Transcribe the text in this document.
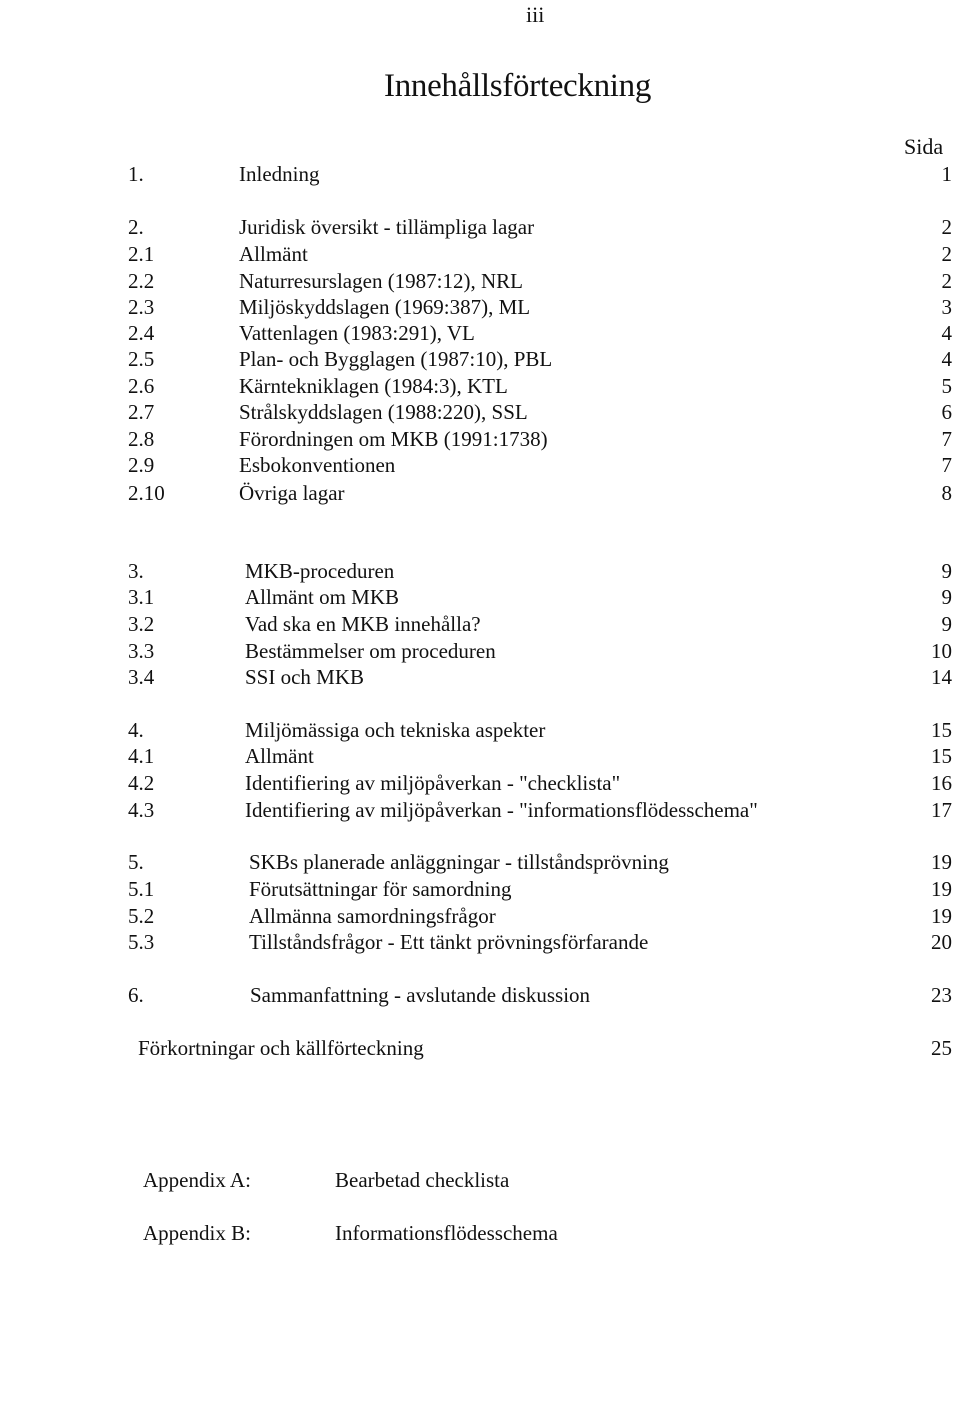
iii
Innehållsförteckning
Sida
1.	Inledning	1
2.	Juridisk översikt - tillämpliga lagar	2
2.1	Allmänt	2
2.2	Naturresurslagen (1987:12), NRL	2
2.3	Miljöskyddslagen (1969:387), ML	3
2.4	Vattenlagen (1983:291), VL	4
2.5	Plan- och Bygglagen (1987:10), PBL	4
2.6	Kärntekniklagen (1984:3), KTL	5
2.7	Strålskyddslagen (1988:220), SSL	6
2.8	Förordningen om MKB (1991:1738)	7
2.9	Esbokonventionen	7
2.10	Övriga lagar	8
3.	MKB-proceduren	9
3.1	Allmänt om MKB	9
3.2	Vad ska en MKB innehålla?	9
3.3	Bestämmelser om proceduren	10
3.4	SSI och MKB	14
4.	Miljömässiga och tekniska aspekter	15
4.1	Allmänt	15
4.2	Identifiering av miljöpåverkan - "checklista"	16
4.3	Identifiering av miljöpåverkan - "informationsflödesschema"	17
5.	SKBs planerade anläggningar - tillståndsprövning	19
5.1	Förutsättningar för samordning	19
5.2	Allmänna samordningsfrågor	19
5.3	Tillståndsfrågor - Ett tänkt prövningsförfarande	20
6.	Sammanfattning - avslutande diskussion	23
Förkortningar och källförteckning	25
Appendix A:	Bearbetad checklista
Appendix B:	Informationsflödesschema
